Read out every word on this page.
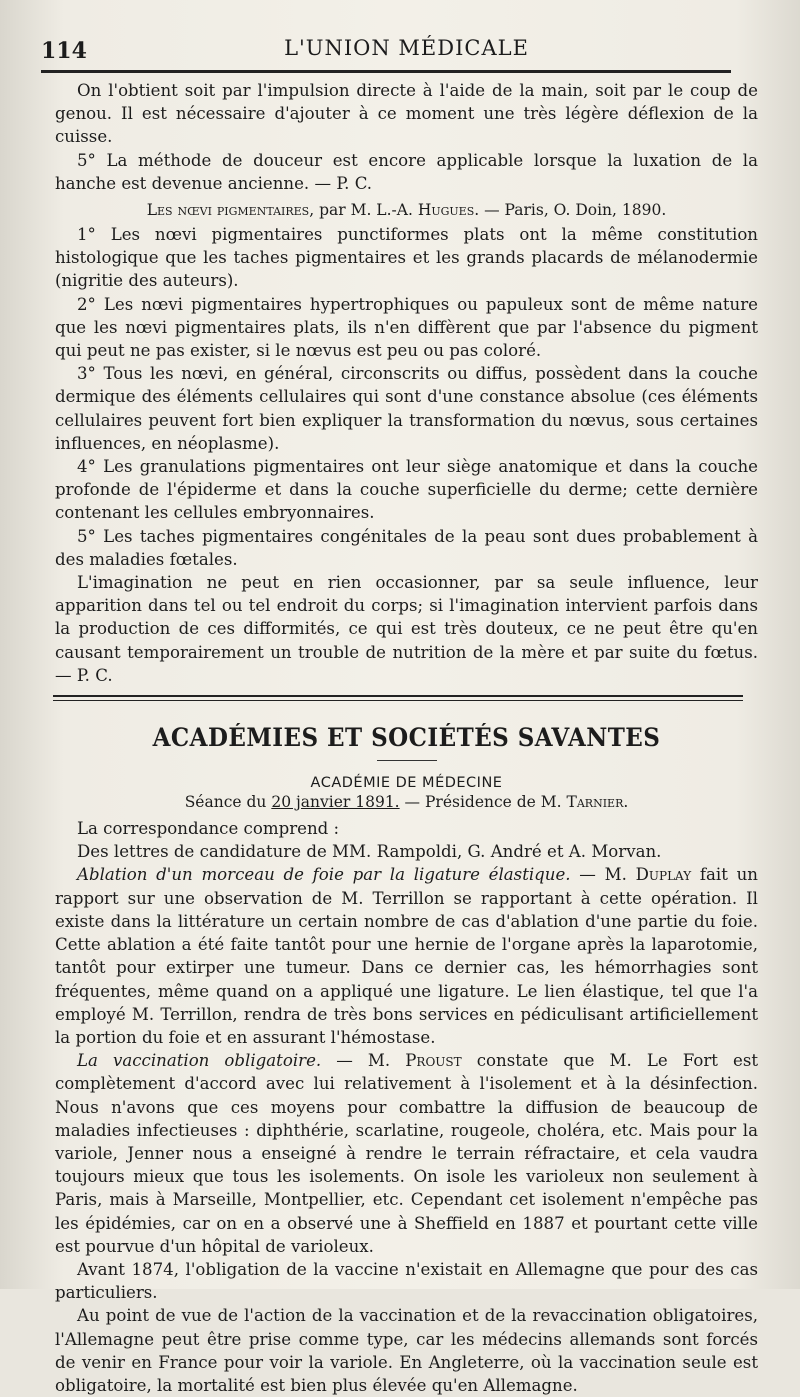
114	L'UNION MÉDICALE

On l'obtient soit par l'impulsion directe à l'aide de la main, soit par le coup de genou. Il est nécessaire d'ajouter à ce moment une très légère déflexion de la cuisse.

5° La méthode de douceur est encore applicable lorsque la luxation de la hanche est devenue ancienne. — P. C.

Les nœvi pigmentaires, par M. L.-A. Hugues. — Paris, O. Doin, 1890.

1° Les nœvi pigmentaires punctiformes plats ont la même constitution histologique que les taches pigmentaires et les grands placards de mélanodermie (nigritie des auteurs).

2° Les nœvi pigmentaires hypertrophiques ou papuleux sont de même nature que les nœvi pigmentaires plats, ils n'en diffèrent que par l'absence du pigment qui peut ne pas exister, si le nœvus est peu ou pas coloré.

3° Tous les nœvi, en général, circonscrits ou diffus, possèdent dans la couche dermique des éléments cellulaires qui sont d'une constance absolue (ces éléments cellulaires peuvent fort bien expliquer la transformation du nœvus, sous certaines influences, en néoplasme).

4° Les granulations pigmentaires ont leur siège anatomique et dans la couche profonde de l'épiderme et dans la couche superficielle du derme; cette dernière contenant les cellules embryonnaires.

5° Les taches pigmentaires congénitales de la peau sont dues probablement à des maladies fœtales.

L'imagination ne peut en rien occasionner, par sa seule influence, leur apparition dans tel ou tel endroit du corps; si l'imagination intervient parfois dans la production de ces difformités, ce qui est très douteux, ce ne peut être qu'en causant temporairement un trouble de nutrition de la mère et par suite du fœtus. — P. C.

ACADÉMIES ET SOCIÉTÉS SAVANTES
ACADÉMIE DE MÉDECINE
Séance du 20 janvier 1891. — Présidence de M. Tarnier.

La correspondance comprend :

Des lettres de candidature de MM. Rampoldi, G. André et A. Morvan.

Ablation d'un morceau de foie par la ligature élastique. — M. Duplay fait un rapport sur une observation de M. Terrillon se rapportant à cette opération. Il existe dans la littérature un certain nombre de cas d'ablation d'une partie du foie. Cette ablation a été faite tantôt pour une hernie de l'organe après la laparotomie, tantôt pour extirper une tumeur. Dans ce dernier cas, les hémorrhagies sont fréquentes, même quand on a appliqué une ligature. Le lien élastique, tel que l'a employé M. Terrillon, rendra de très bons services en pédiculisant artificiellement la portion du foie et en assurant l'hémostase.

La vaccination obligatoire. — M. Proust constate que M. Le Fort est complètement d'accord avec lui relativement à l'isolement et à la désinfection. Nous n'avons que ces moyens pour combattre la diffusion de beaucoup de maladies infectieuses : diphthérie, scarlatine, rougeole, choléra, etc. Mais pour la variole, Jenner nous a enseigné à rendre le terrain réfractaire, et cela vaudra toujours mieux que tous les isolements. On isole les varioleux non seulement à Paris, mais à Marseille, Montpellier, etc. Cependant cet isolement n'empêche pas les épidémies, car on en a observé une à Sheffield en 1887 et pourtant cette ville est pourvue d'un hôpital de varioleux.

Avant 1874, l'obligation de la vaccine n'existait en Allemagne que pour des cas particuliers.

Au point de vue de l'action de la vaccination et de la revaccination obligatoires, l'Allemagne peut être prise comme type, car les médecins allemands sont forcés de venir en France pour voir la variole. En Angleterre, où la vaccination seule est obligatoire, la mortalité est bien plus élevée qu'en Allemagne.
